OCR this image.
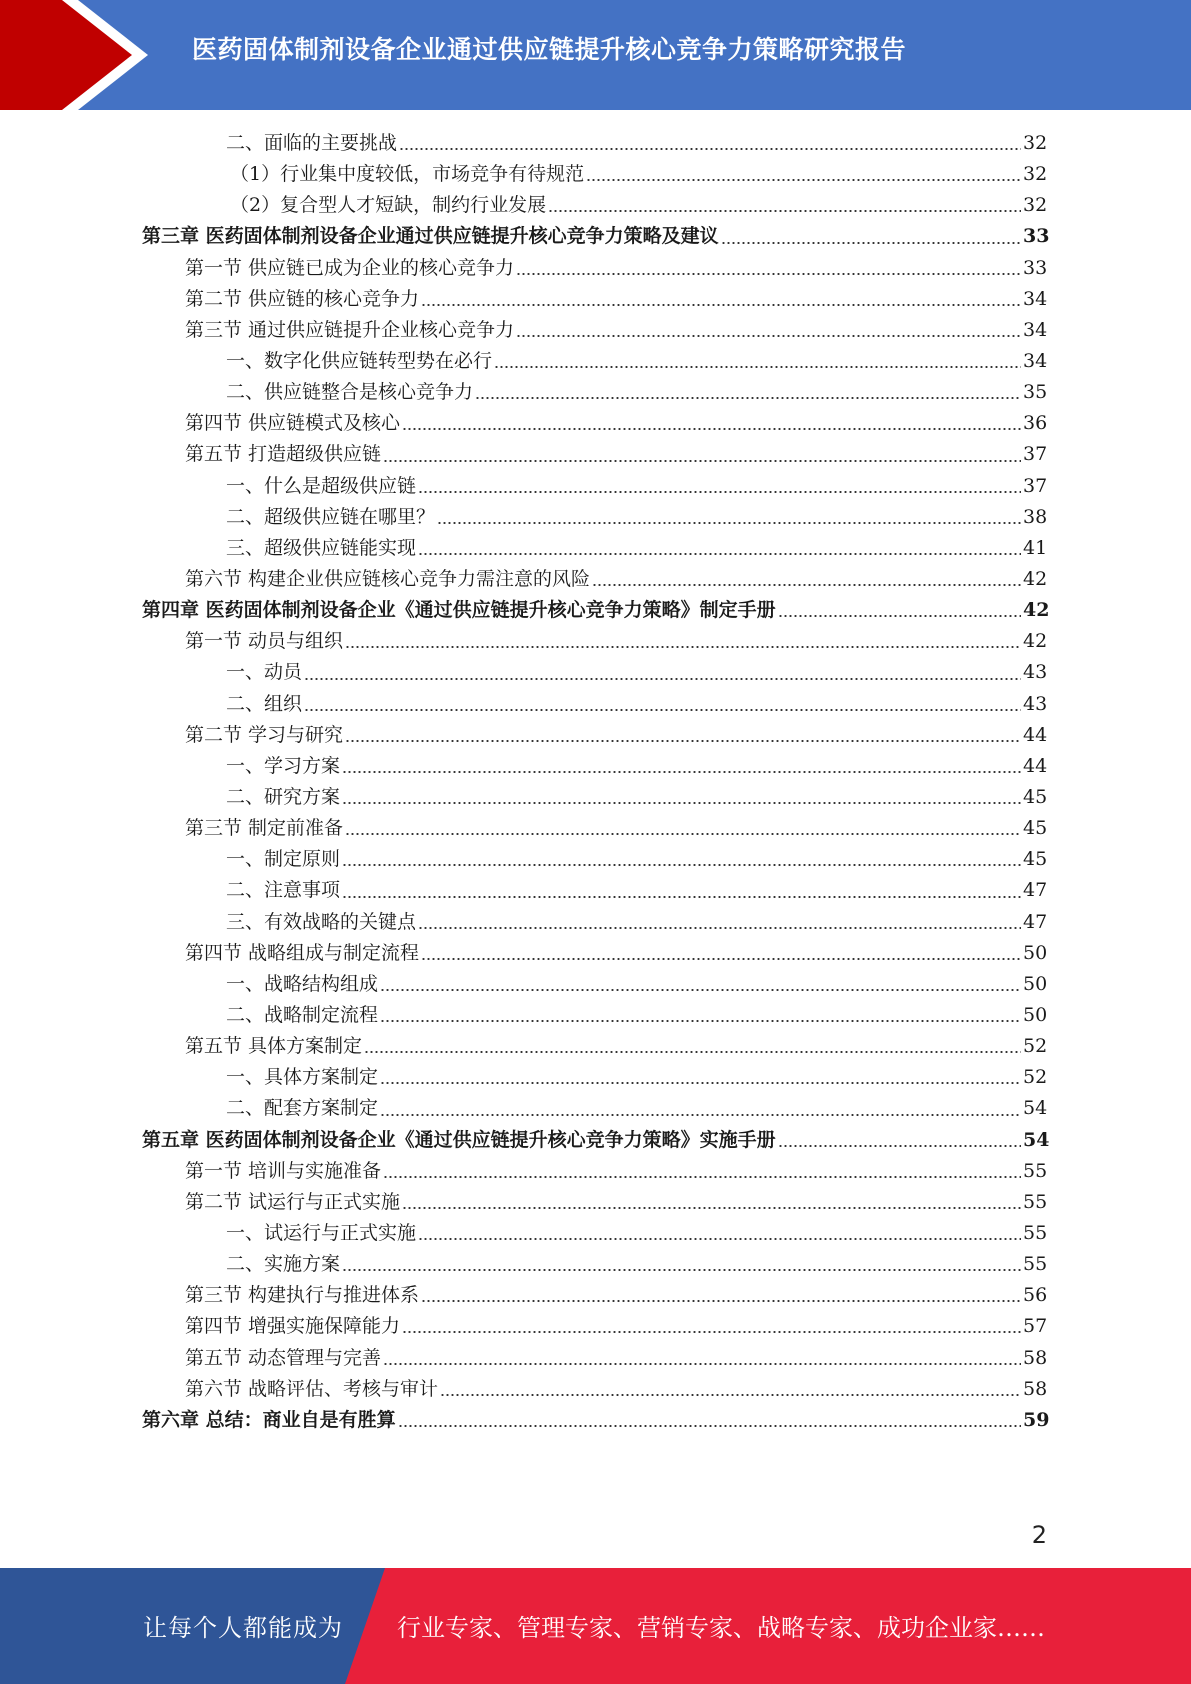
医药固体制剂设备企业通过供应链提升核心竞争力策略研究报告
二、面临的主要挑战	32
（1）行业集中度较低，市场竞争有待规范	32
（2）复合型人才短缺，制约行业发展	32
第三章 医药固体制剂设备企业通过供应链提升核心竞争力策略及建议	33
第一节 供应链已成为企业的核心竞争力	33
第二节 供应链的核心竞争力	34
第三节 通过供应链提升企业核心竞争力	34
一、数字化供应链转型势在必行	34
二、供应链整合是核心竞争力	35
第四节 供应链模式及核心	36
第五节 打造超级供应链	37
一、什么是超级供应链	37
二、超级供应链在哪里？	38
三、超级供应链能实现	41
第六节 构建企业供应链核心竞争力需注意的风险	42
第四章 医药固体制剂设备企业《通过供应链提升核心竞争力策略》制定手册	42
第一节 动员与组织	42
一、动员	43
二、组织	43
第二节 学习与研究	44
一、学习方案	44
二、研究方案	45
第三节 制定前准备	45
一、制定原则	45
二、注意事项	47
三、有效战略的关键点	47
第四节 战略组成与制定流程	50
一、战略结构组成	50
二、战略制定流程	50
第五节 具体方案制定	52
一、具体方案制定	52
二、配套方案制定	54
第五章 医药固体制剂设备企业《通过供应链提升核心竞争力策略》实施手册	54
第一节 培训与实施准备	55
第二节 试运行与正式实施	55
一、试运行与正式实施	55
二、实施方案	55
第三节 构建执行与推进体系	56
第四节 增强实施保障能力	57
第五节 动态管理与完善	58
第六节 战略评估、考核与审计	58
第六章 总结：商业自是有胜算	59
2
让每个人都能成为 行业专家、管理专家、营销专家、战略专家、成功企业家……
